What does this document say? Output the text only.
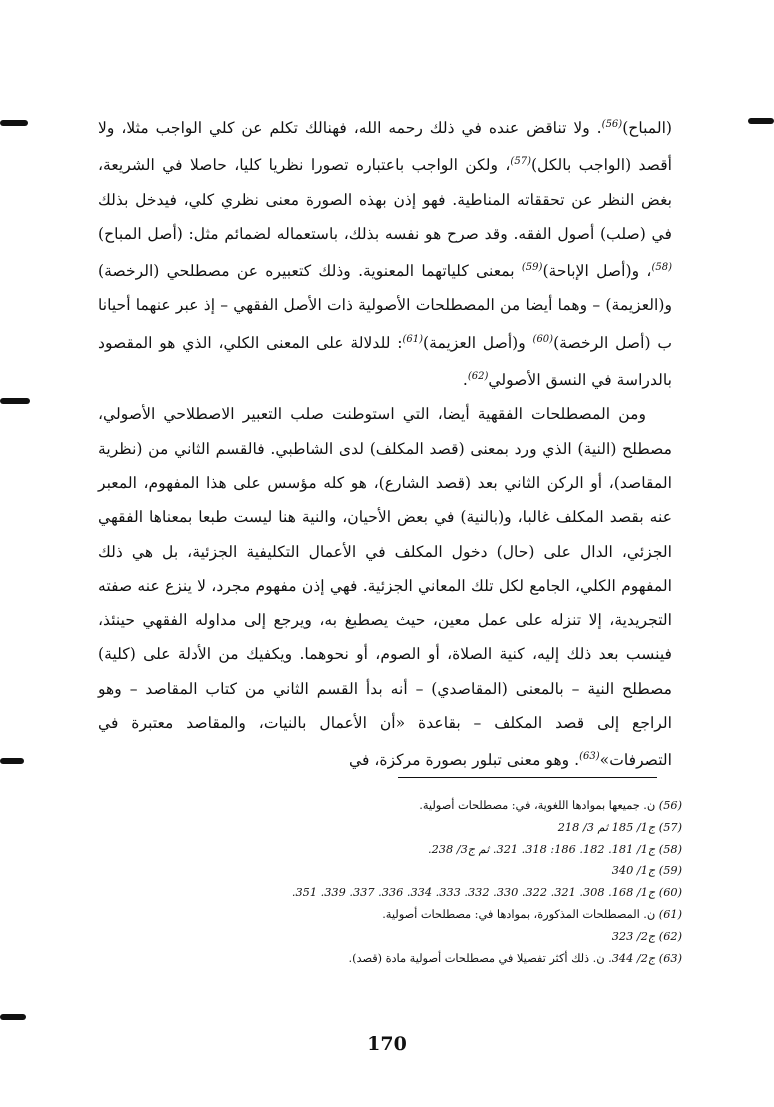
(المباح)$^{(56)}$. ولا تناقض عنده في ذلك رحمه الله، فهنالك تكلم عن كلي الواجب مثلا، ولا أقصد (الواجب بالكل)$^{(57)}$، ولكن الواجب باعتباره تصورا نظريا كليا، حاصلا في الشريعة، بغض النظر عن تحققاته المناطية. فهو إذن بهذه الصورة معنى نظري كلي، فيدخل بذلك في (صلب) أصول الفقه. وقد صرح هو نفسه بذلك، باستعماله لضمائم مثل: (أصل المباح)$^{(58)}$، و(أصل الإباحة)$^{(59)}$ بمعنى كلياتهما المعنوية. وذلك كتعبيره عن مصطلحي (الرخصة) و(العزيمة) – وهما أيضا من المصطلحات الأصولية ذات الأصل الفقهي – إذ عبر عنهما أحيانا ب (أصل الرخصة)$^{(60)}$ و(أصل العزيمة)$^{(61)}$: للدلالة على المعنى الكلي، الذي هو المقصود بالدراسة في النسق الأصولي$^{(62)}$.

ومن المصطلحات الفقهية أيضا، التي استوطنت صلب التعبير الاصطلاحي الأصولي، مصطلح (النية) الذي ورد بمعنى (قصد المكلف) لدى الشاطبي. فالقسم الثاني من (نظرية المقاصد)، أو الركن الثاني بعد (قصد الشارع)، هو كله مؤسس على هذا المفهوم، المعبر عنه بقصد المكلف غالبا، و(بالنية) في بعض الأحيان، والنية هنا ليست طبعا بمعناها الفقهي الجزئي، الدال على (حال) دخول المكلف في الأعمال التكليفية الجزئية، بل هي ذلك المفهوم الكلي، الجامع لكل تلك المعاني الجزئية. فهي إذن مفهوم مجرد، لا ينزع عنه صفته التجريدية، إلا تنزله على عمل معين، حيث يصطبغ به، ويرجع إلى مداوله الفقهي حينئذ، فينسب بعد ذلك إليه، كنية الصلاة، أو الصوم، أو نحوهما. ويكفيك من الأدلة على (كلية) مصطلح النية – بالمعنى (المقاصدي) – أنه بدأ القسم الثاني من كتاب المقاصد – وهو الراجع إلى قصد المكلف – بقاعدة «أن الأعمال بالنيات، والمقاصد معتبرة في التصرفات»$^{(63)}$. وهو معنى تبلور بصورة مركزة، في

(56) ن. جميعها بموادها اللغوية، في: مصطلحات أصولية.
(57) ج1/ 185 ثم 3/ 218
(58) ج1/ 181. 182. 186: 318. 321. ثم ج3/ 238.
(59) ج1/ 340
(60) ج1/ 168. 308. 321. 322. 330. 332. 333. 334. 336. 337. 339. 351.
(61) ن. المصطلحات المذكورة، بموادها في: مصطلحات أصولية.
(62) ج2/ 323
(63) ج2/ 344. ن. ذلك أكثر تفصيلا في مصطلحات أصولية مادة (قصد).
170
